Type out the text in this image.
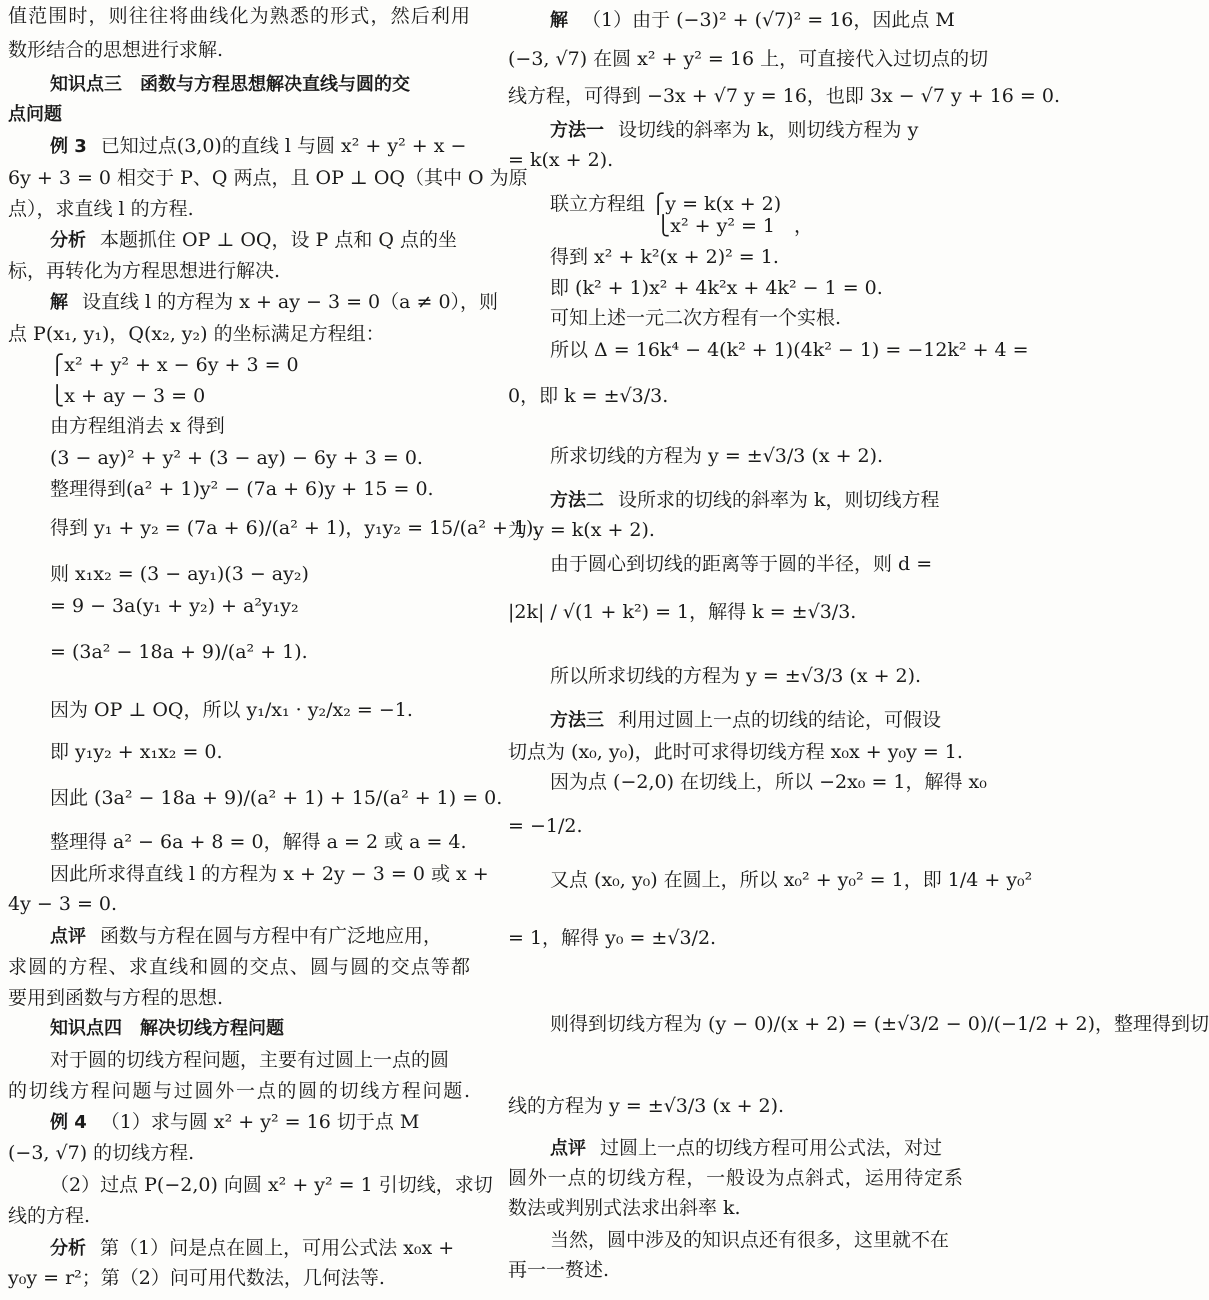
值范围时，则往往将曲线化为熟悉的形式，然后利用
数形结合的思想进行求解.
知识点三　函数与方程思想解决直线与圆的交
点问题
例 3 已知过点(3,0)的直线 l 与圆 x² + y² + x −
6y + 3 = 0 相交于 P、Q 两点，且 OP ⊥ OQ（其中 O 为原
点），求直线 l 的方程.
分析 本题抓住 OP ⊥ OQ，设 P 点和 Q 点的坐
标，再转化为方程思想进行解决.
解 设直线 l 的方程为 x + ay − 3 = 0（a ≠ 0），则
点 P(x₁, y₁)，Q(x₂, y₂) 的坐标满足方程组：
⎧x² + y² + x − 6y + 3 = 0
⎩x + ay − 3 = 0
由方程组消去 x 得到
(3 − ay)² + y² + (3 − ay) − 6y + 3 = 0.
整理得到(a² + 1)y² − (7a + 6)y + 15 = 0.
得到 y₁ + y₂ = (7a + 6)/(a² + 1)，y₁y₂ = 15/(a² + 1).
则 x₁x₂ = (3 − ay₁)(3 − ay₂)
= 9 − 3a(y₁ + y₂) + a²y₁y₂
= (3a² − 18a + 9)/(a² + 1).
因为 OP ⊥ OQ，所以 y₁/x₁ · y₂/x₂ = −1.
即 y₁y₂ + x₁x₂ = 0.
因此 (3a² − 18a + 9)/(a² + 1) + 15/(a² + 1) = 0.
整理得 a² − 6a + 8 = 0，解得 a = 2 或 a = 4.
因此所求得直线 l 的方程为 x + 2y − 3 = 0 或 x +
4y − 3 = 0.
点评 函数与方程在圆与方程中有广泛地应用，
求圆的方程、求直线和圆的交点、圆与圆的交点等都
要用到函数与方程的思想.
知识点四　解决切线方程问题
对于圆的切线方程问题，主要有过圆上一点的圆
的切线方程问题与过圆外一点的圆的切线方程问题.
例 4 （1）求与圆 x² + y² = 16 切于点 M
(−3, √7) 的切线方程.
（2）过点 P(−2,0) 向圆 x² + y² = 1 引切线，求切
线的方程.
分析 第（1）问是点在圆上，可用公式法 x₀x +
y₀y = r²；第（2）问可用代数法，几何法等.
解 （1）由于 (−3)² + (√7)² = 16，因此点 M
(−3, √7) 在圆 x² + y² = 16 上，可直接代入过切点的切
线方程，可得到 −3x + √7 y = 16，也即 3x − √7 y + 16 = 0.
方法一 设切线的斜率为 k，则切线方程为 y
= k(x + 2).
联立方程组 ⎧y = k(x + 2)
⎩x² + y² = 1　，
得到 x² + k²(x + 2)² = 1.
即 (k² + 1)x² + 4k²x + 4k² − 1 = 0.
可知上述一元二次方程有一个实根.
所以 Δ = 16k⁴ − 4(k² + 1)(4k² − 1) = −12k² + 4 =
0，即 k = ±√3/3.
所求切线的方程为 y = ±√3/3 (x + 2).
方法二 设所求的切线的斜率为 k，则切线方程
为 y = k(x + 2).
由于圆心到切线的距离等于圆的半径，则 d =
|2k| / √(1 + k²) = 1，解得 k = ±√3/3.
所以所求切线的方程为 y = ±√3/3 (x + 2).
方法三 利用过圆上一点的切线的结论，可假设
切点为 (x₀, y₀)，此时可求得切线方程 x₀x + y₀y = 1.
因为点 (−2,0) 在切线上，所以 −2x₀ = 1，解得 x₀
= −1/2.
又点 (x₀, y₀) 在圆上，所以 x₀² + y₀² = 1，即 1/4 + y₀²
= 1，解得 y₀ = ±√3/2.
则得到切线方程为 (y − 0)/(x + 2) = (±√3/2 − 0)/(−1/2 + 2)，整理得到切
线的方程为 y = ±√3/3 (x + 2).
点评 过圆上一点的切线方程可用公式法，对过
圆外一点的切线方程，一般设为点斜式，运用待定系
数法或判别式法求出斜率 k.
当然，圆中涉及的知识点还有很多，这里就不在
再一一赘述.
